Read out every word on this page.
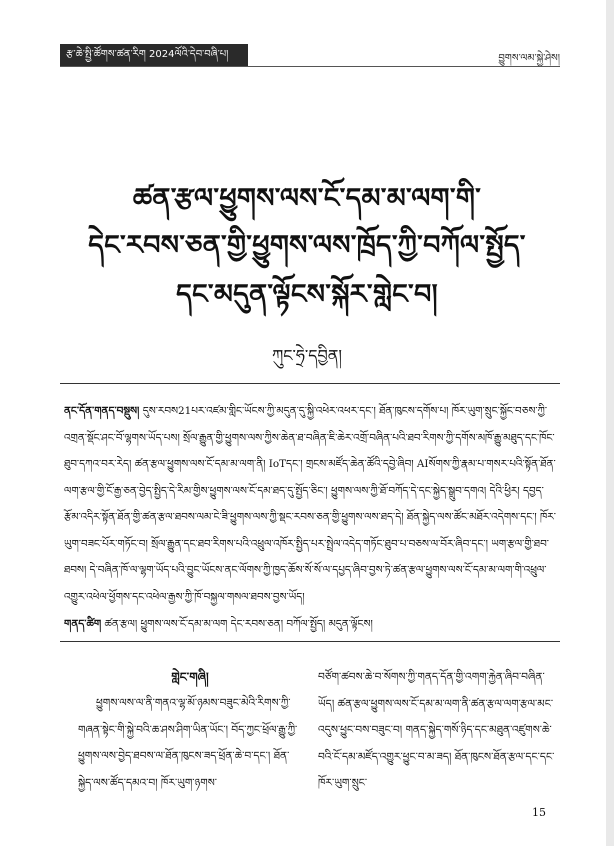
རྩ་ཆེ་སྤྱི་ཚོགས་ཚན་རིག 2024ལོའི་དེབ་བཞི་པ།	བྱུགས་ལམ་སྐྱེ་ཤེས།
ཚན་རྩལ་ཕྱུགས་ལས་ངོ་དམ་མ་ལག་གི་
དེང་རབས་ཅན་གྱི་ཕྱུགས་ལས་ཁྲོད་ཀྱི་བཀོལ་སྤྱོད་
དང་མདུན་ལྟོངས་སྐོར་གླེང་བ།
ཀུང་ཧྲེ་དབྱིན།
ནང་དོན་གནད་བསྡུས། དུས་རབས21པར་འཛམ་གླིང་ཡོངས་ཀྱི་མདུན་དུ་སྐྱི་འཕེར་འཕར་དང་། ཐོན་ཁུངས་དགོས་པ། ཁོར་ཡུག་སྲུང་སྐྱོང་བཅས་ཀྱི་འགྲན་སྡོང་ཤང་བོ་ལྷགས་ཡོད་པས། སྲོལ་རྒྱུན་གྱི་ཕྱུགས་ལས་ཀྱིས་ཆེན་ཐ་བཞིན་ཇི་ཆེར་འགྲོ་བཞིན་པའི་ཐབ་རིགས་ཀྱི་དགོས་མཁོ་རྒྱུ་མཐུད་དང་ཁོང་ཐུབ་དཀའ་བར་རེད། ཚན་རྩལ་ཕྱུགས་ལས་ངོ་དམ་མ་ལག་ནི། IoTདང་། གྲངས་མཛོད་ཆེན་ཚོའི་དབྱེ་ཞིབ། AIསོགས་ཀྱི་རྣམ་པ་གསར་པའི་སྟོན་ཐོན་ལག་རྩལ་གྱི་ངོ་རྒྱ་ཅན་བྱེད་སྤྱིད་དེ་རིམ་གྱིས་ཕྱུགས་ལས་ངོ་དམ་ཐད་དུ་སྤྱོད་ཅིང་། ཕྱུགས་ལས་ཀྱི་ཐོ་བཀོད་དེ་དང་སྐྱེད་སྒྲུབ་དགའ། དེའི་ཕྱིར། དབྱད་རྩོམ་འདིར་སྟོན་ཐོན་གྱི་ཚན་རྩལ་ཐབས་ལམ་ངེ་ཟི་ཕྱུགས་ལས་ཀྱི་སྡང་རབས་ཅན་གྱི་ཕྱུགས་ལས་ཐད་དེ། ཐོན་སྐྱེད་ལས་ཚོང་མཐོར་འདེགས་དང་། ཁོར་ཡུག་བཟང་པོར་གཏོང་བ། སྲོལ་རྒྱུན་དང་ཐབ་རིགས་པའི་འཕྲུལ་འཁོར་སྤྱིད་པར་སྤྲེལ་འདེད་གཏོང་ཐུབ་པ་བཅས་ལ་བོར་ཞིབ་དང་། ཡག་རྩལ་གྱི་ཐབ་ཐབས། དེ་བཞིན་ཁོ་ལ་ལྷག་ཡོད་པའི་བྱུང་ཡོངས་ནང་ལོགས་ཀྱི་ཁྱད་ཆོས་སོ་སོ་ལ་དཔྱད་ཞིབ་བྱས་ཏེ་ཚན་རྩལ་ཕྱུགས་ལས་ངོ་དམ་མ་ལག་གི་འཕྲུལ་འགྱུར་འཕེལ་ཕྱོགས་དང་འཕེལ་རྒྱས་ཀྱི་ཁོ་བསྐྱལ་གསལ་ཐབས་བྱས་ཡོད།
གནད་ཚིག ཚན་རྩལ། ཕྱུགས་ལས་ངོ་དམ་མ་ལག དེང་རབས་ཅན། བཀོལ་སྤྱོད། མདུན་ལྟོངས།
གླེང་གཞི།
ཕྱུགས་ལས་ལ་ནི་གནའ་ལྷ་མོ་ཉམས་བཟུང་མེའི་རིགས་ཀྱི་གཞན་སྟེང་གི་སྐྱེ་བའི་ཆ་ཤས་ཤིག་ཡིན་ཡོང་། བོད་ཀྱང་ཕྲོལ་རྒྱུ་ཀྱི་ཕྱུགས་ལས་བྱེད་ཐབས་ལ་ཐོན་ཁུངས་ཟད་ཕྲོན་ཆེ་བ་དང་། ཐོན་སྐྱེད་ལས་ཚོད་དམའ་བ། ཁོར་ཡུག་ཉགས་
བཙོག་ཚབས་ཆེ་བ་སོགས་ཀྱི་གནད་དོན་གྱི་འགག་རྐྱེན་ཞིབ་བཞིན་ཡོད། ཚན་རྩལ་ཕྱུགས་ལས་ངོ་དམ་མ་ལག་ནི་ཚན་རྩལ་ལག་རྩལ་མང་འདུས་ཕྱུང་བས་བཟུང་བ། གནད་སྐྱེད་གསོ་ཉིད་དང་མཐུན་འཛུགས་ཆེ་བའི་ངོ་དམ་མཛོད་འགྱུར་ཕྱུང་བ་མ་ཟད། ཐོན་ཁུངས་ཐོན་རྩལ་དང་དང་ཁོར་ཡུག་སྲུང་
15
